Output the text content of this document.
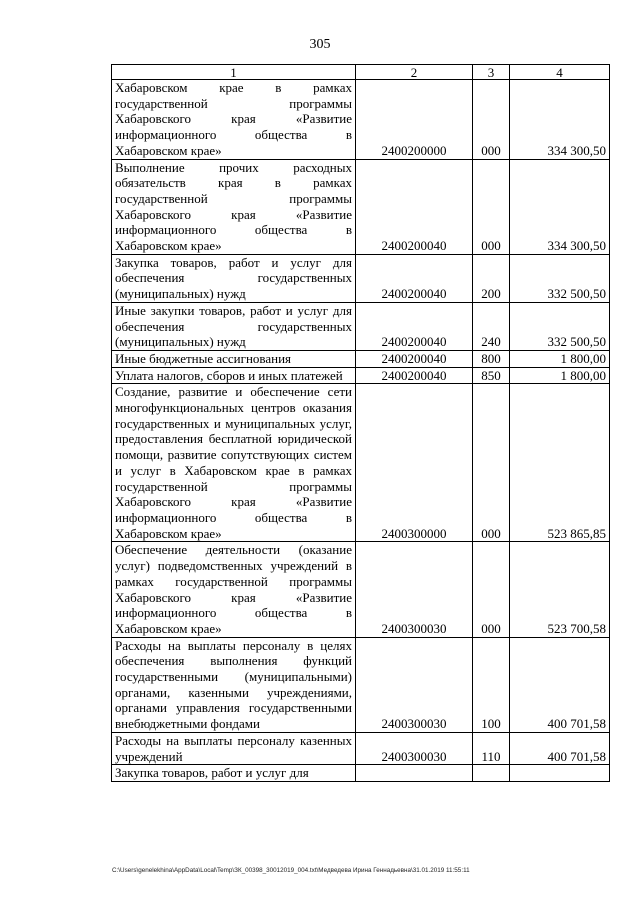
305
1	2	3	4
Хабаровском крае в рамках государственной программы Хабаровского края «Развитие информационного общества в Хабаровском крае»	2400200000	000	334 300,50
Выполнение прочих расходных обязательств края в рамках государственной программы Хабаровского края «Развитие информационного общества в Хабаровском крае»	2400200040	000	334 300,50
Закупка товаров, работ и услуг для обеспечения государственных (муниципальных) нужд	2400200040	200	332 500,50
Иные закупки товаров, работ и услуг для обеспечения государственных (муниципальных) нужд	2400200040	240	332 500,50
Иные бюджетные ассигнования	2400200040	800	1 800,00
Уплата налогов, сборов и иных платежей	2400200040	850	1 800,00
Создание, развитие и обеспечение сети многофункциональных центров оказания государственных и муниципальных услуг, предоставления бесплатной юридической помощи, развитие сопутствующих систем и услуг в Хабаровском крае в рамках государственной программы Хабаровского края «Развитие информационного общества в Хабаровском крае»	2400300000	000	523 865,85
Обеспечение деятельности (оказание услуг) подведомственных учреждений в рамках государственной программы Хабаровского края «Развитие информационного общества в Хабаровском крае»	2400300030	000	523 700,58
Расходы на выплаты персоналу в целях обеспечения выполнения функций государственными (муниципальными) органами, казенными учреждениями, органами управления государственными внебюджетными фондами	2400300030	100	400 701,58
Расходы на выплаты персоналу казенных учреждений	2400300030	110	400 701,58
Закупка товаров, работ и услуг для			
C:\Users\genelekhina\AppData\Local\Temp\ЗК_00398_30012019_004.txt\Медведева Ирина Геннадьевна\31.01.2019 11:55:11
